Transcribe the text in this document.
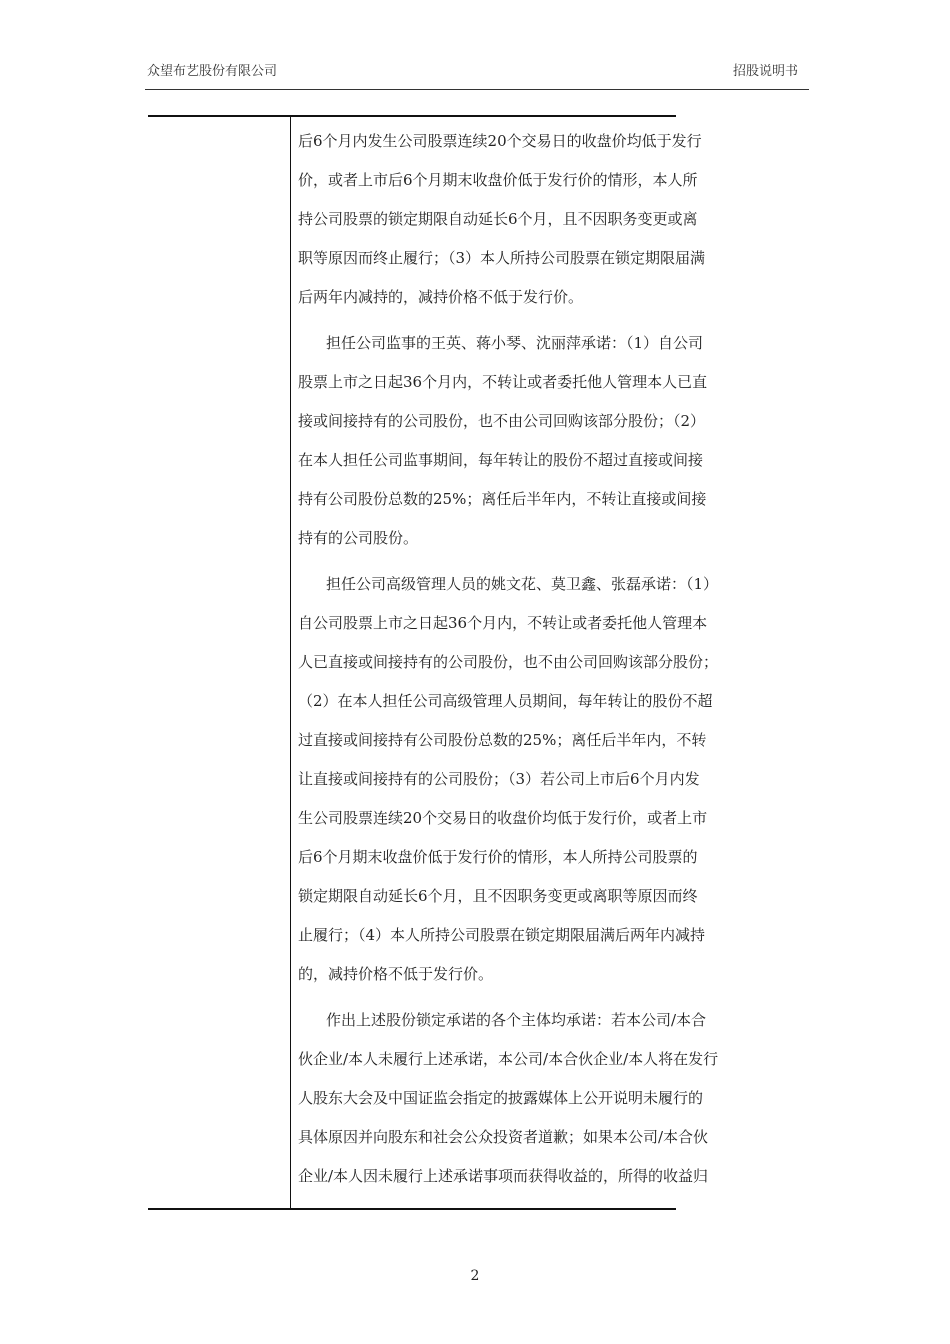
众望布艺股份有限公司	招股说明书
后6个月内发生公司股票连续20个交易日的收盘价均低于发行
价，或者上市后6个月期末收盘价低于发行价的情形，本人所
持公司股票的锁定期限自动延长6个月，且不因职务变更或离
职等原因而终止履行；（3）本人所持公司股票在锁定期限届满
后两年内减持的，减持价格不低于发行价。
担任公司监事的王英、蒋小琴、沈丽萍承诺：（1）自公司
股票上市之日起36个月内，不转让或者委托他人管理本人已直
接或间接持有的公司股份，也不由公司回购该部分股份；（2）
在本人担任公司监事期间，每年转让的股份不超过直接或间接
持有公司股份总数的25%；离任后半年内，不转让直接或间接
持有的公司股份。
担任公司高级管理人员的姚文花、莫卫鑫、张磊承诺：（1）
自公司股票上市之日起36个月内，不转让或者委托他人管理本
人已直接或间接持有的公司股份，也不由公司回购该部分股份；
（2）在本人担任公司高级管理人员期间，每年转让的股份不超
过直接或间接持有公司股份总数的25%；离任后半年内，不转
让直接或间接持有的公司股份；（3）若公司上市后6个月内发
生公司股票连续20个交易日的收盘价均低于发行价，或者上市
后6个月期末收盘价低于发行价的情形，本人所持公司股票的
锁定期限自动延长6个月，且不因职务变更或离职等原因而终
止履行；（4）本人所持公司股票在锁定期限届满后两年内减持
的，减持价格不低于发行价。
作出上述股份锁定承诺的各个主体均承诺：若本公司/本合
伙企业/本人未履行上述承诺，本公司/本合伙企业/本人将在发行
人股东大会及中国证监会指定的披露媒体上公开说明未履行的
具体原因并向股东和社会公众投资者道歉；如果本公司/本合伙
企业/本人因未履行上述承诺事项而获得收益的，所得的收益归
2
